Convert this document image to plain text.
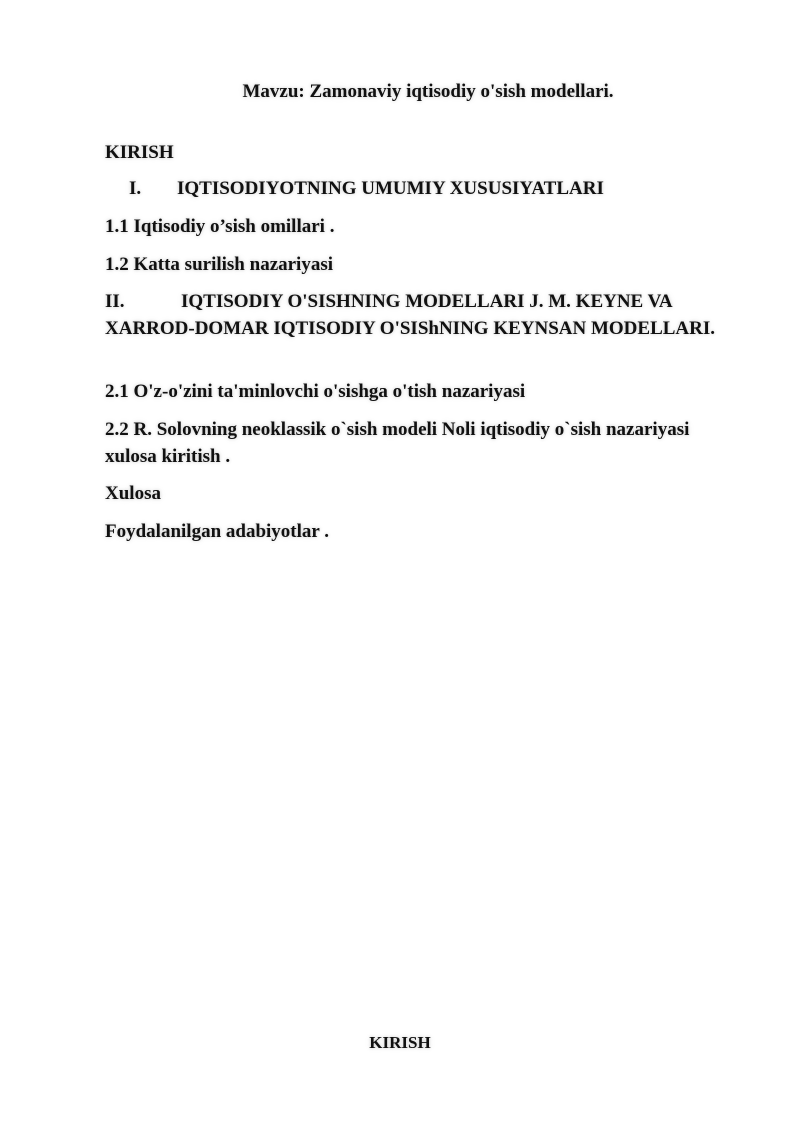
Mavzu: Zamonaviy iqtisodiy o'sish modellari.
KIRISH
I. IQTISODIYOTNING UMUMIY XUSUSIYATLARI
1.1 Iqtisodiy o’sish omillari .
1.2 Katta surilish nazariyasi
II.	IQTISODIY O'SISHNING MODELLARI J. M. KEYNE VA XARROD-DOMAR IQTISODIY O'SIShNING KEYNSAN MODELLARI.
2.1 O'z-o'zini ta'minlovchi o'sishga o'tish nazariyasi
2.2 R. Solovning neoklassik o`sish modeli Noli iqtisodiy o`sish nazariyasi xulosa kiritish .
Xulosa
Foydalanilgan adabiyotlar .
KIRISH
